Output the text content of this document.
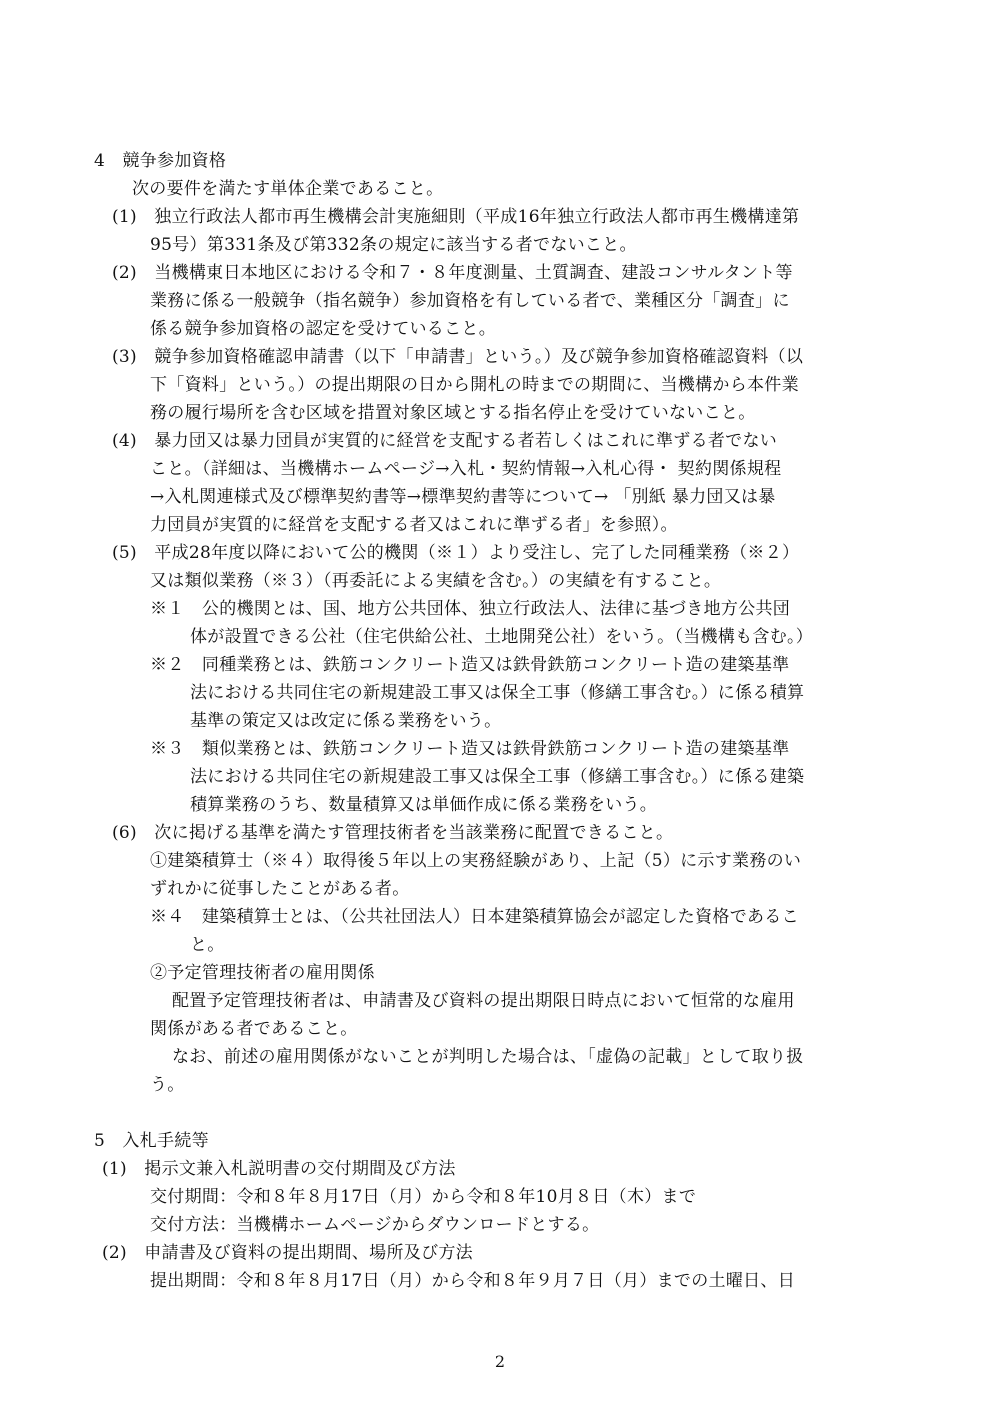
4　競争参加資格
次の要件を満たす単体企業であること。
(1)　独立行政法人都市再生機構会計実施細則（平成16年独立行政法人都市再生機構達第
95号）第331条及び第332条の規定に該当する者でないこと。
(2)　当機構東日本地区における令和７・８年度測量、土質調査、建設コンサルタント等
業務に係る一般競争（指名競争）参加資格を有している者で、業種区分「調査」に
係る競争参加資格の認定を受けていること。
(3)　競争参加資格確認申請書（以下「申請書」という。）及び競争参加資格確認資料（以
下「資料」という。）の提出期限の日から開札の時までの期間に、当機構から本件業
務の履行場所を含む区域を措置対象区域とする指名停止を受けていないこと。
(4)　暴力団又は暴力団員が実質的に経営を支配する者若しくはこれに準ずる者でない
こと。（詳細は、当機構ホームページ→入札・契約情報→入札心得・ 契約関係規程
→入札関連様式及び標準契約書等→標準契約書等について→ 「別紙 暴力団又は暴
力団員が実質的に経営を支配する者又はこれに準ずる者」を参照）。
(5)　平成28年度以降において公的機関（※１）より受注し、完了した同種業務（※２）
又は類似業務（※３）（再委託による実績を含む。）の実績を有すること。
※１　公的機関とは、国、地方公共団体、独立行政法人、法律に基づき地方公共団
体が設置できる公社（住宅供給公社、土地開発公社）をいう。（当機構も含む。）
※２　同種業務とは、鉄筋コンクリート造又は鉄骨鉄筋コンクリート造の建築基準
法における共同住宅の新規建設工事又は保全工事（修繕工事含む。）に係る積算
基準の策定又は改定に係る業務をいう。
※３　類似業務とは、鉄筋コンクリート造又は鉄骨鉄筋コンクリート造の建築基準
法における共同住宅の新規建設工事又は保全工事（修繕工事含む。）に係る建築
積算業務のうち、数量積算又は単価作成に係る業務をいう。
(6)　次に掲げる基準を満たす管理技術者を当該業務に配置できること。
①建築積算士（※４）取得後５年以上の実務経験があり、上記（5）に示す業務のい
ずれかに従事したことがある者。
※４　建築積算士とは、（公共社団法人）日本建築積算協会が認定した資格であるこ
と。
②予定管理技術者の雇用関係
配置予定管理技術者は、申請書及び資料の提出期限日時点において恒常的な雇用
関係がある者であること。
なお、前述の雇用関係がないことが判明した場合は、「虚偽の記載」として取り扱
う。
5　入札手続等
(1)　掲示文兼入札説明書の交付期間及び方法
交付期間：令和８年８月17日（月）から令和８年10月８日（木）まで
交付方法：当機構ホームページからダウンロードとする。
(2)　申請書及び資料の提出期間、場所及び方法
提出期間：令和８年８月17日（月）から令和８年９月７日（月）までの土曜日、日
2
